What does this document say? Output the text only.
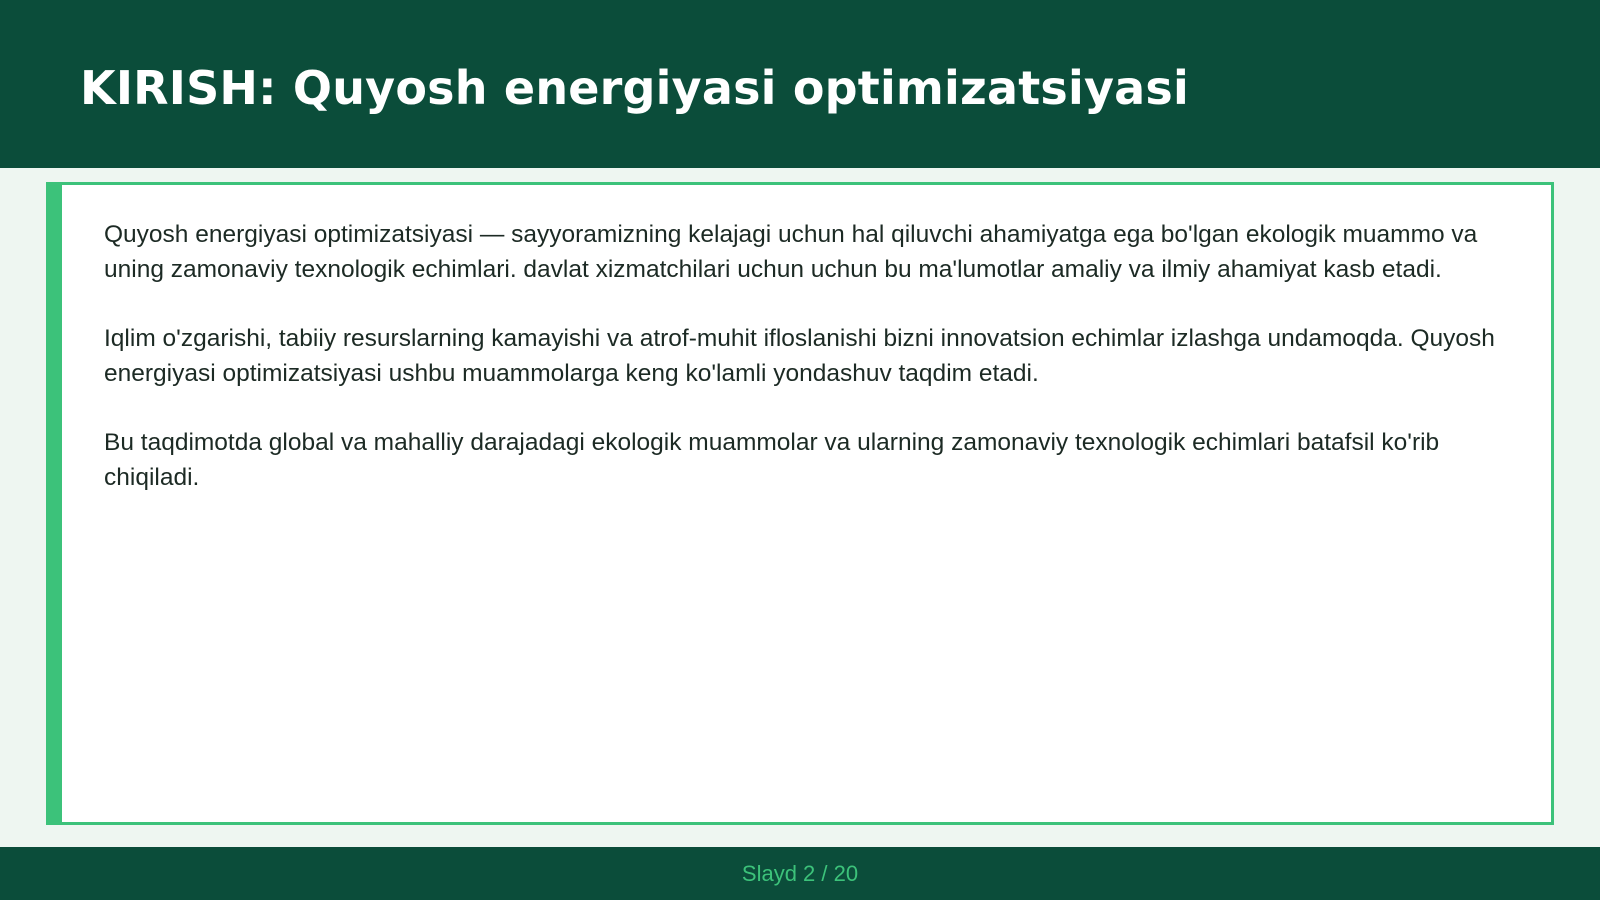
KIRISH: Quyosh energiyasi optimizatsiyasi

Quyosh energiyasi optimizatsiyasi — sayyoramizning kelajagi uchun hal qiluvchi ahamiyatga ega bo'lgan ekologik muammo va uning zamonaviy texnologik echimlari. davlat xizmatchilari uchun uchun bu ma'lumotlar amaliy va ilmiy ahamiyat kasb etadi.

Iqlim o'zgarishi, tabiiy resurslarning kamayishi va atrof-muhit ifloslanishi bizni innovatsion echimlar izlashga undamoqda. Quyosh energiyasi optimizatsiyasi ushbu muammolarga keng ko'lamli yondashuv taqdim etadi.

Bu taqdimotda global va mahalliy darajadagi ekologik muammolar va ularning zamonaviy texnologik echimlari batafsil ko'rib chiqiladi.

Slayd 2 / 20
